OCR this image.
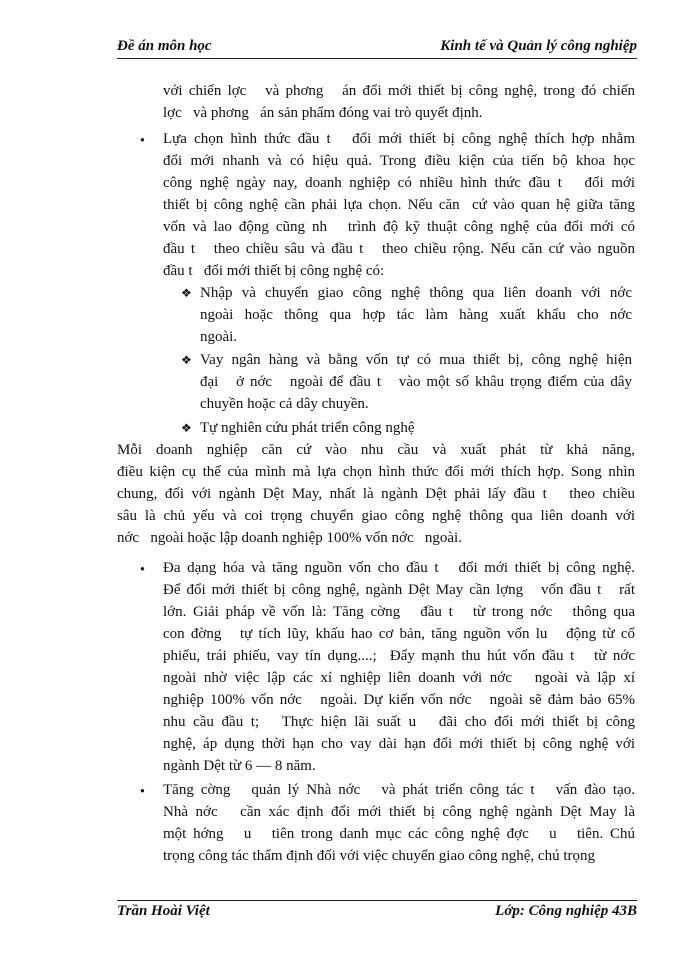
Đề án môn học	Kinh tế và Quản lý công nghiệp
với chiến lợc   và phơng   án đổi mới thiết bị công nghệ, trong đó chiến
lợc   và phơng   án sản phẩm đóng vai trò quyết định.
● Lựa chọn hình thức đầu t   đổi mới thiết bị công nghệ thích hợp nhằm
đổi mới nhanh và có hiệu quả. Trong điều kiện của tiến bộ khoa học
công nghệ ngày nay, doanh nghiệp có nhiều hình thức đầu t   đổi mới
thiết bị công nghệ cần phải lựa chọn. Nếu căn  cứ vào quan hệ giữa tăng
vốn và lao động cũng nh   trình độ kỹ thuật công nghệ của đổi mới có
đầu t   theo chiều sâu và đầu t   theo chiều rộng. Nếu căn cứ vào nguồn
đầu t   đổi mới thiết bị công nghệ có:
❖ Nhập và chuyển giao công nghệ thông qua liên doanh với nớc
ngoài hoặc thông qua hợp tác làm hàng xuất khẩu cho nớc
ngoài.
❖ Vay ngân hàng và bằng vốn tự có mua thiết bị, công nghệ hiện
đại   ở nớc   ngoài để đầu t   vào một số khâu trọng điểm của dây
chuyền hoặc cả dây chuyền.
❖ Tự nghiên cứu phát triển công nghệ
Mỗi doanh nghiệp căn cứ vào nhu cầu và xuất phát từ khả năng,
điều kiện cụ thể của mình mà lựa chọn hình thức đổi mới thích hợp. Song nhìn
chung, đối với ngành Dệt May, nhất là ngành Dệt phải lấy đầu t   theo chiều
sâu là chủ yếu và coi trọng chuyển giao công nghệ thông qua liên doanh với
nớc   ngoài hoặc lập doanh nghiệp 100% vốn nớc   ngoài.
● Đa dạng hóa và tăng nguồn vốn cho đầu t   đổi mới thiết bị công nghệ.
Để đổi mới thiết bị công nghệ, ngành Dệt May cần lợng   vốn đầu t   rất
lớn. Giải pháp về vốn là: Tăng cờng   đầu t   từ trong nớc   thông qua
con đờng   tự tích lũy, khấu hao cơ bản, tăng nguồn vốn lu   động từ cổ
phiếu, trái phiếu, vay tín dụng....;  Đẩy mạnh thu hút vốn đầu t   từ nớc
ngoài nhờ việc lập các xí nghiệp liên doanh với nớc   ngoài và lập xí
nghiệp 100% vốn nớc   ngoài. Dự kiến vốn nớc   ngoài sẽ đảm bảo 65%
nhu cầu đầu t;   Thực hiện lãi suất u   đãi cho đổi mới thiết bị công
nghệ, áp dụng thời hạn cho vay dài hạn đổi mới thiết bị công nghệ với
ngành Dệt từ 6 — 8 năm.
● Tăng cờng   quản lý Nhà nớc   và phát triển công tác t   vấn đào tạo.
Nhà nớc   cần xác định đổi mới thiết bị công nghệ ngành Dệt May là
một hớng   u   tiên trong danh mục các công nghệ đợc   u   tiên. Chú
trọng công tác thẩm định đối với việc chuyển giao công nghệ, chú trọng
Trần Hoài Việt	Lớp: Công nghiệp 43B
